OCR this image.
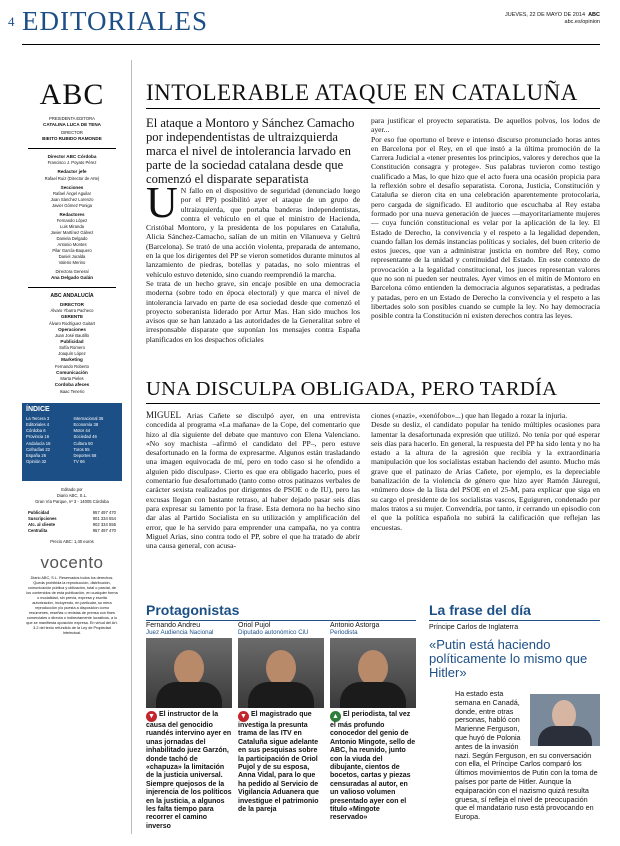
4 EDITORIALES	JUEVES, 22 DE MAYO DE 2014 ABC
abc.es/opinion
ABC
PRESIDENTA EDITORA
CATALINA LUCA DE TENA
DIRECTOR
BIEITO RUBIDO RAMONDE
Director ABC Córdoba
Francisco J. Poyato Pérez
Redactor jefe
Rafael Ruiz (Director de Arte)
Secciones
Rafael Ángel Aguilar
Juan Sánchez Lorenzo
Javier Gómez Poniga
Redactores
Fernando López
Luis Miranda
Javier Martínez Gálvez
Daniela Delgado
Antonio Montes
Pilar García-Baquero
Daniel Juralda
Valerio Merino
Directora General
Ana Delgado Galán
ABC ANDALUCÍA
DIRECTOR
Álvaro Ybarra Pacheco
GERENTE
Álvaro Rodríguez Guitart
Operaciones
Juan José Bautillo
Publicidad
Sofía Romero
Joaquín López
Marketing
Fernando Roberto
Comunicación
Marta Pieles
Cordoba afeces
Isaac Tenerio
ÍNDICE
La Tercera 3	Internacional 36
Editoriales 4	Economía 38
Córdoba 6	Motor 44
Provincia 16	Sociedad 46
Andalucía 18	Cultura 50
Cofradías 22	Toros 55
España 26	Deportes 58
Opinión 32	TV 66
Editado por
Diario ABC, S.L.
Gran Vía Parque, nº 3 - 14005 Córdoba
Publicidad	957 497 470
Suscripciones	901 334 554
Atc. al cliente	902 334 555
Centralita	957 497 470
Precio ABC: 1,40 euros
vocento
Diario ABC, S.L. Reservados todos los derechos. Queda prohibida la reproducción, distribución, comunicación pública y utilización, total o parcial, de los contenidos de esta publicación, en cualquier forma o modalidad, sin previa, expresa y escrita autorización, incluyendo, en particular, su mera reproducción y/o puesta a disposición como resúmenes, reseñas o revistas de prensa con fines comerciales o directa o indirectamente lucrativos, a lo que se manifiesta oposición expresa. En virtud del Art. 3.2 del texto refundido de la Ley de Propiedad Intelectual.
INTOLERABLE ATAQUE EN CATALUÑA
El ataque a Montoro y Sánchez Camacho por independentistas de ultraizquierda marca el nivel de intolerancia larvado en parte de la sociedad catalana desde que comenzó el disparate separatista
U N fallo en el dispositivo de seguridad (denunciado luego por el PP) posibilitó ayer el ataque de un grupo de ultraizquierda, que portaba banderas independentistas, contra el vehículo en el que el ministro de Hacienda, Cristóbal Montoro, y la presidenta de los populares en Cataluña, Alicia Sánchez-Camacho, salían de un mitin en Vilanueva y Geltrú (Barcelona). Se trató de una acción violenta, preparada de antemano, en la que los dirigentes del PP se vieron sometidos durante minutos al lanzamiento de piedras, botellas y patadas, no solo mientras el vehículo estuvo detenido, sino cuando reemprendió la marcha.
Se trata de un hecho grave, sin encaje posible en una democracia moderna (sobre todo en época electoral) y que marca el nivel de intolerancia larvado en parte de esa sociedad desde que comenzó el proyecto soberanista liderado por Artur Mas. Han sido muchos los avisos que se han lanzado a las autoridades de la Generalitat sobre el irresponsable disparate que suponían los mensajes contra España planificados en los despachos oficiales
para justificar el proyecto separatista. De aquellos polvos, los lodos de ayer...
Por eso fue oportuno el breve e intenso discurso pronunciado horas antes en Barcelona por el Rey, en el que instó a la última promoción de la Carrera Judicial a «tener presentes los principios, valores y derechos que la Constitución consagra y protege». Sus palabras tuvieron como testigo cualificado a Mas, lo que hizo que el acto fuera una ocasión propicia para la reflexión sobre el desafío separatista. Corona, Justicia, Constitución y Cataluña se dieron cita en una celebración aparentemente protocolaria, pero cargada de significado. El auditorio que escuchaba al Rey estaba formado por una nueva generación de jueces —mayoritariamente mujeres— cuya función constitucional es velar por la aplicación de la ley. El Estado de Derecho, la convivencia y el respeto a la legalidad dependen, cuando fallan los demás instancias políticas y sociales, del buen criterio de estos jueces, que van a administrar justicia en nombre del Rey, como representante de la unidad y continuidad del Estado. En este contexto de provocación a la legalidad constitucional, los jueces representan valores que no son ni pueden ser neutrales. Ayer vimos en el mitin de Montoro en Barcelona cómo entienden la democracia algunos separatistas, a pedradas y patadas, pero en un Estado de Derecho la convivencia y el respeto a las libertades solo son posibles cuando se cumple la ley. No hay democracia posible contra la Constitución ni existen derechos contra las leyes.
UNA DISCULPA OBLIGADA, PERO TARDÍA
MIGUEL Arias Cañete se disculpó ayer, en una entrevista concedida al programa «La mañana» de la Cope, del comentario que hizo al día siguiente del debate que mantuvo con Elena Valenciano. «No soy machista –afirmó el candidato del PP–, pero estuve desafortunado en la forma de expresarme. Algunos están trasladando una imagen equivocada de mí, pero en todo caso si he ofendido a alguien pido disculpas». Cierto es que era obligado hacerlo, pues el comentario fue desafortunado (tanto como otros patinazos verbales de carácter sexista realizados por dirigentes de PSOE o de IU), pero las excusas llegan con bastante retraso, al haber dejado pasar seis días para expresar su lamento por la frase. Esta demora no ha hecho sino dar alas al Partido Socialista en su utilización y amplificación del error, que le ha servido para emprender una campaña, no ya contra Miguel Arias, sino contra todo el PP, sobre el que ha tratado de abrir una causa general, con acusa-
ciones («nazi», «xenófobo»...) que han llegado a rozar la injuria.
Desde su desliz, el candidato popular ha tenido múltiples ocasiones para lamentar la desafortunada expresión que utilizó. No tenía por qué esperar seis días para hacerlo. En general, la respuesta del PP ha sido lenta y no ha estado a la altura de la agresión que recibía y la extraordinaria manipulación que los socialistas estaban haciendo del asunto. Mucho más grave que el patinazo de Arias Cañete, por ejemplo, es la depreciable banalización de la violencia de género que hizo ayer Ramón Jáuregui, «número dos» de la lista del PSOE en el 25-M, para explicar que siga en su cargo el presidente de los socialistas vascos, Eguiguren, condenado por malos tratos a su mujer. Convendría, por tanto, ir cerrando un episodio con el que la política española no subirá la calificación que reflejan las encuestas.
Protagonistas
Fernando Andreu
Juez Audiencia Nacional
▼ El instructor de la causa del genocidio ruandés intervino ayer en unas jornadas del inhabilitado juez Garzón, donde tachó de «chapuza» la limitación de la justicia universal. Siempre quejosos de la injerencia de los políticos en la justicia, a algunos les falta tiempo para recorrer el camino inverso
Oriol Pujol
Diputado autonómico CiU
▼ El magistrado que investiga la presunta trama de las ITV en Cataluña sigue adelante en sus pesquisas sobre la participación de Oriol Pujol y de su esposa, Anna Vidal, para lo que ha pedido al Servicio de Vigilancia Aduanera que investigue el patrimonio de la pareja
Antonio Astorga
Periodista
▲ El periodista, tal vez el más profundo conocedor del genio de Antonio Mingote, sello de ABC, ha reunido, junto con la viuda del dibujante, cientos de bocetos, cartas y piezas censuradas al autor, en un valioso volumen presentado ayer con el título «Mingote reservado»
La frase del día
Príncipe Carlos de Inglaterra
«Putin está haciendo políticamente lo mismo que Hitler»
Ha estado esta semana en Canadá, donde, entre otras personas, habló con Marienne Ferguson, que huyó de Polonia antes de la invasión nazi. Según Ferguson, en su conversación con ella, el Príncipe Carlos comparó los últimos movimientos de Putin con la toma de países por parte de Hitler. Aunque la equiparación con el nazismo quizá resulta gruesa, sí refleja el nivel de preocupación que el mandatario ruso está provocando en Europa.
